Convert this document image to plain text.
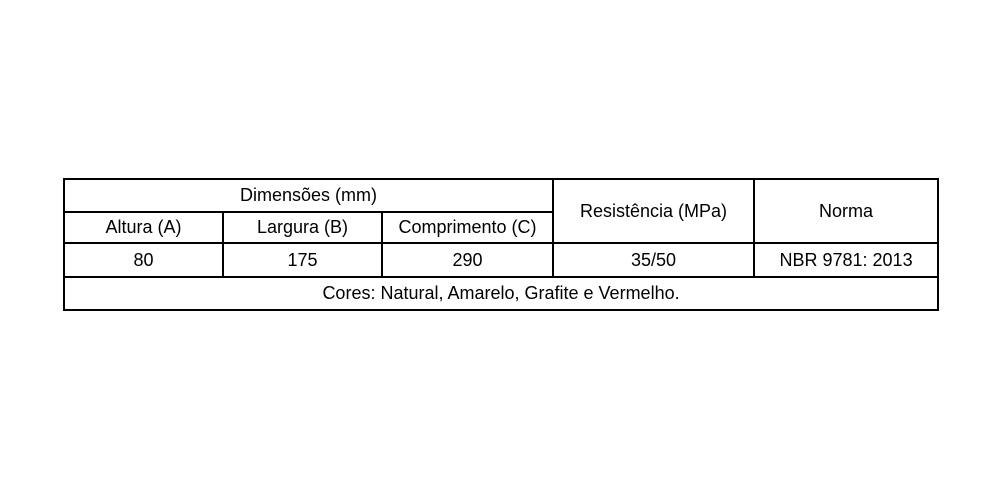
Dimensões (mm)			Resistência (MPa)	Norma
Altura (A)	Largura (B)	Comprimento (C)		
80	175	290	35/50	NBR 9781: 2013
Cores: Natural, Amarelo, Grafite e Vermelho.				
